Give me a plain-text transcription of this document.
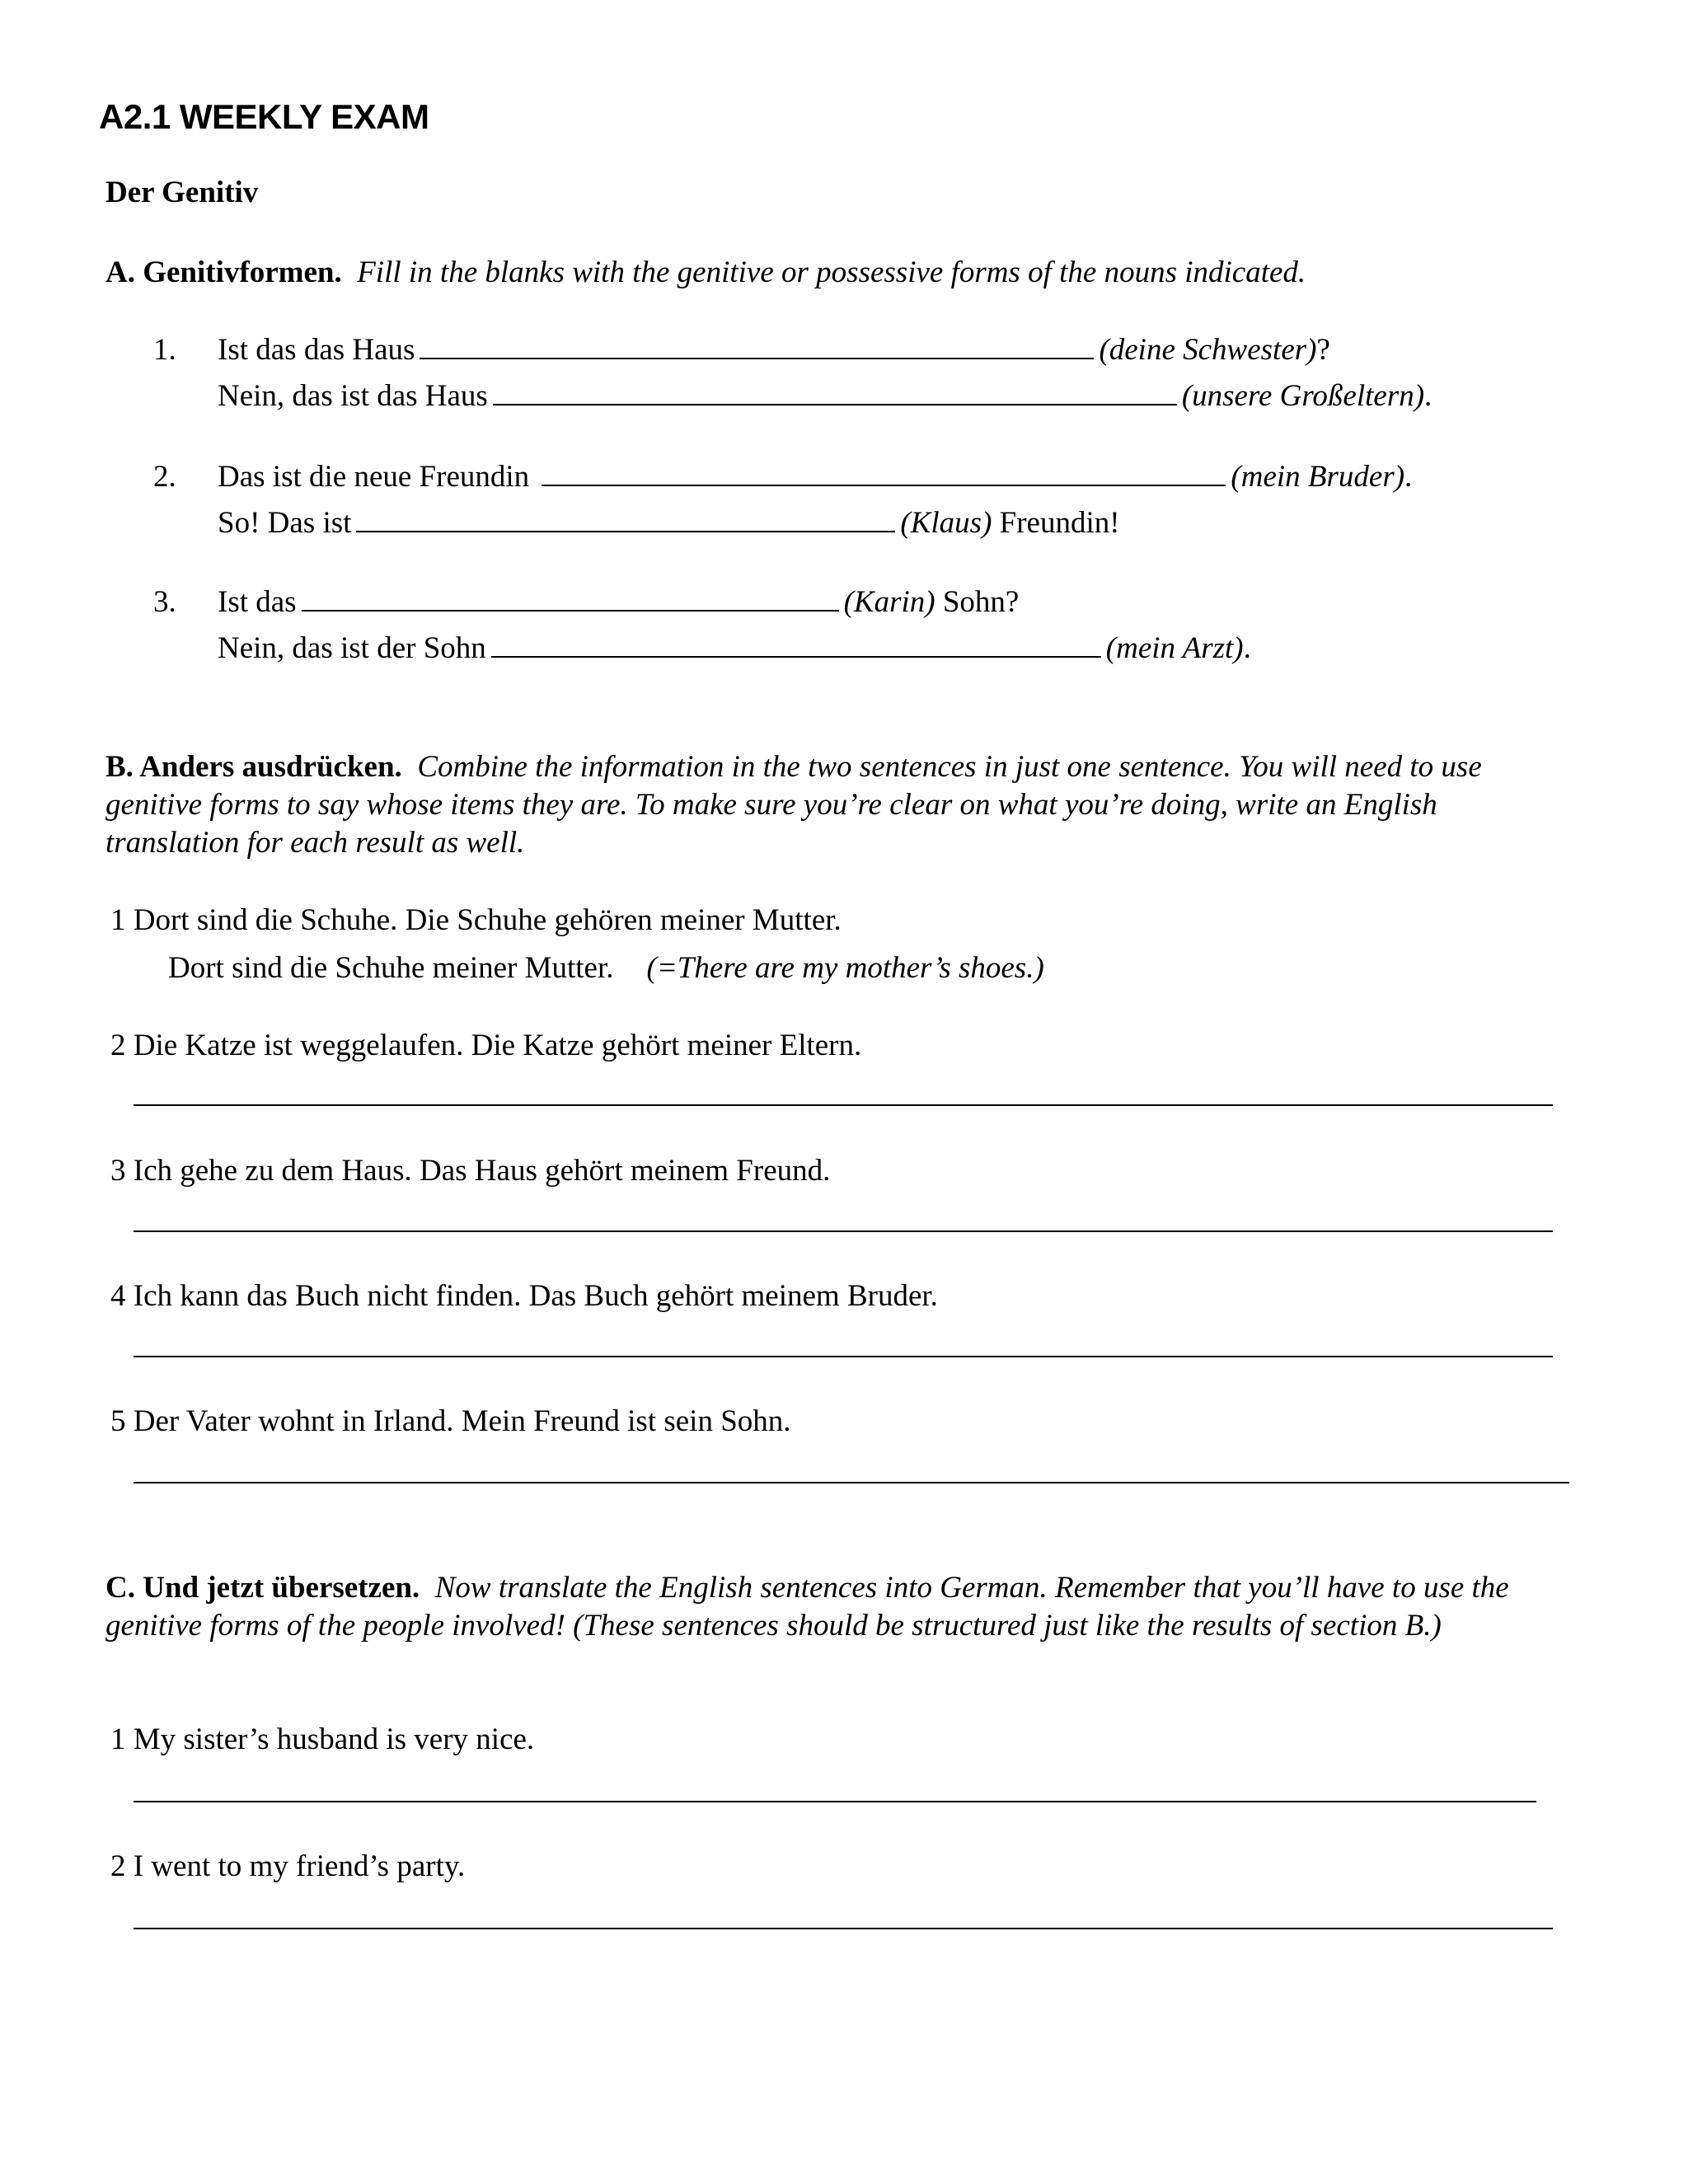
A2.1 WEEKLY EXAM
Der Genitiv
A. Genitivformen. Fill in the blanks with the genitive or possessive forms of the nouns indicated.
1. Ist das das Haus	(deine Schwester)?
Nein, das ist das Haus	(unsere Großeltern).
2. Das ist die neue Freundin	(mein Bruder).
So! Das ist	(Klaus) Freundin!
3. Ist das	(Karin) Sohn?
Nein, das ist der Sohn	(mein Arzt).
B. Anders ausdrücken. Combine the information in the two sentences in just one sentence. You will need to use genitive forms to say whose items they are. To make sure you’re clear on what you’re doing, write an English translation for each result as well.
1 Dort sind die Schuhe. Die Schuhe gehören meiner Mutter.
Dort sind die Schuhe meiner Mutter. (=There are my mother’s shoes.)
2 Die Katze ist weggelaufen. Die Katze gehört meiner Eltern.
3 Ich gehe zu dem Haus. Das Haus gehört meinem Freund.
4 Ich kann das Buch nicht finden. Das Buch gehört meinem Bruder.
5 Der Vater wohnt in Irland. Mein Freund ist sein Sohn.
C. Und jetzt übersetzen. Now translate the English sentences into German. Remember that you’ll have to use the genitive forms of the people involved! (These sentences should be structured just like the results of section B.)
1 My sister’s husband is very nice.
2 I went to my friend’s party.
